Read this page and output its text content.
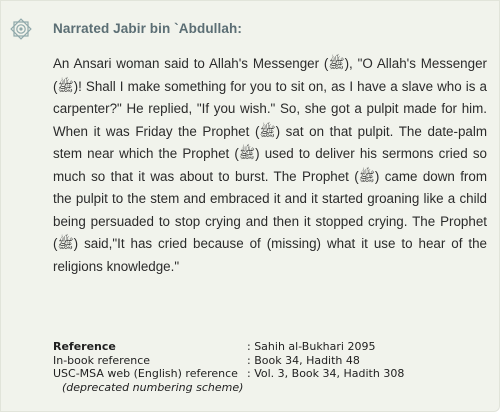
Narrated Jabir bin `Abdullah:

An Ansari woman said to Allah's Messenger (ﷺ), "O Allah's Messenger (ﷺ)! Shall I make something for you to sit on, as I have a slave who is a carpenter?" He replied, "If you wish." So, she got a pulpit made for him. When it was Friday the Prophet (ﷺ) sat on that pulpit. The date-palm stem near which the Prophet (ﷺ) used to deliver his sermons cried so much so that it was about to burst. The Prophet (ﷺ) came down from the pulpit to the stem and embraced it and it started groaning like a child being persuaded to stop crying and then it stopped crying. The Prophet (ﷺ) said,"It has cried because of (missing) what it use to hear of the religions knowledge."

Reference	: Sahih al-Bukhari 2095
In-book reference	: Book 34, Hadith 48
USC-MSA web (English) reference	: Vol. 3, Book 34, Hadith 308
(deprecated numbering scheme)	
